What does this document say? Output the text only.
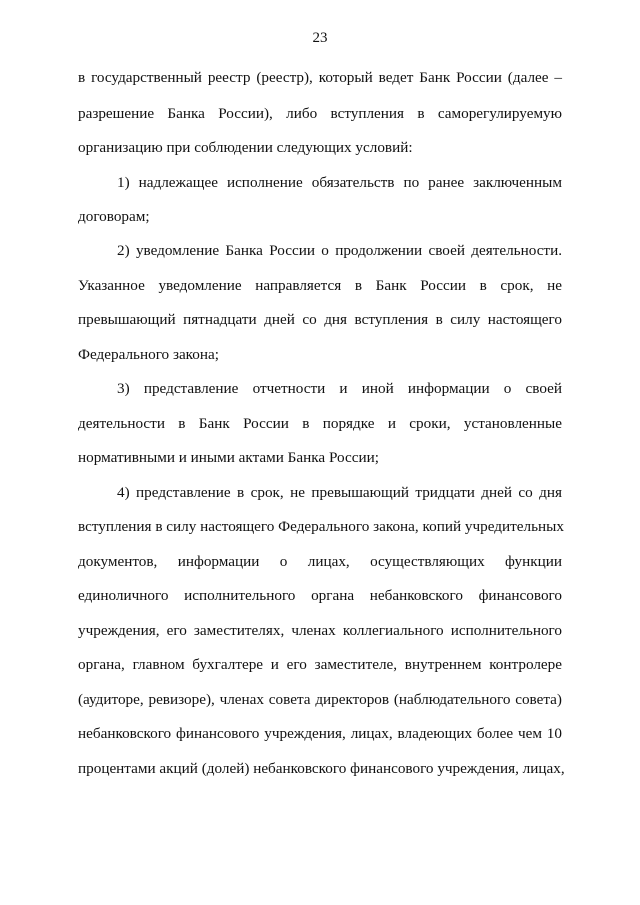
23
в государственный реестр (реестр), который ведет Банк России (далее –
разрешение Банка России), либо вступления в саморегулируемую
организацию при соблюдении следующих условий:
1) надлежащее исполнение обязательств по ранее заключенным
договорам;
2) уведомление Банка России о продолжении своей деятельности.
Указанное уведомление направляется в Банк России в срок, не
превышающий пятнадцати дней со дня вступления в силу настоящего
Федерального закона;
3) представление отчетности и иной информации о своей
деятельности в Банк России в порядке и сроки, установленные
нормативными и иными актами Банка России;
4) представление в срок, не превышающий тридцати дней со дня
вступления в силу настоящего Федерального закона, копий учредительных
документов, информации о лицах, осуществляющих функции
единоличного исполнительного органа небанковского финансового
учреждения, его заместителях, членах коллегиального исполнительного
органа, главном бухгалтере и его заместителе, внутреннем контролере
(аудиторе, ревизоре), членах совета директоров (наблюдательного совета)
небанковского финансового учреждения, лицах, владеющих более чем 10
процентами акций (долей) небанковского финансового учреждения, лицах,
